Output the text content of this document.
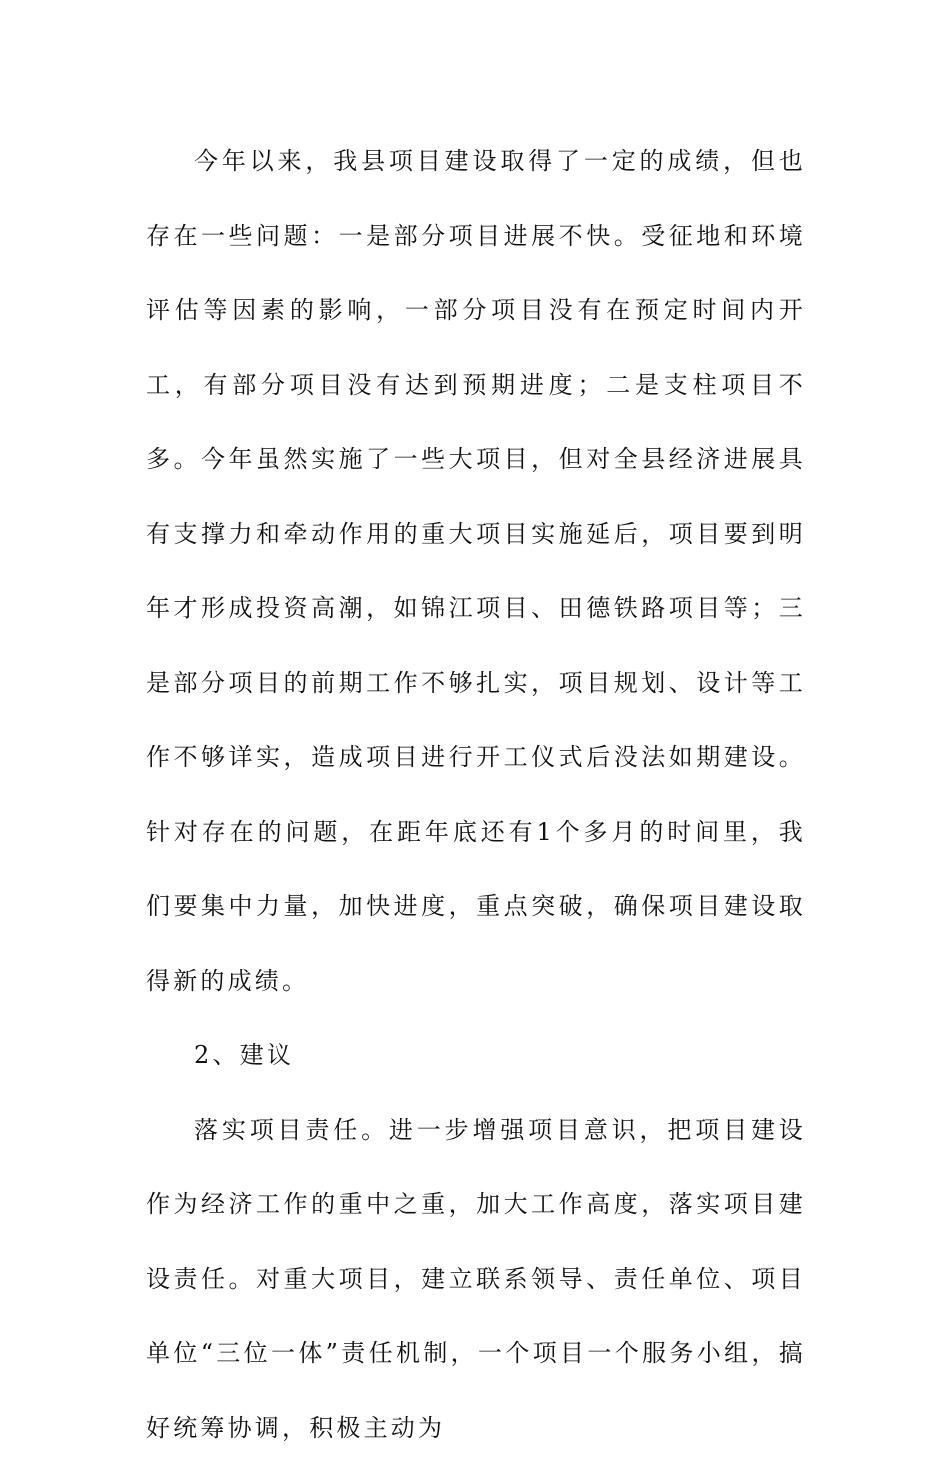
今年以来，我县项目建设取得了一定的成绩，但也存在一些问题：一是部分项目进展不快。受征地和环境评估等因素的影响，一部分项目没有在预定时间内开工，有部分项目没有达到预期进度；二是支柱项目不多。今年虽然实施了一些大项目，但对全县经济进展具有支撑力和牵动作用的重大项目实施延后，项目要到明年才形成投资高潮，如锦江项目、田德铁路项目等；三是部分项目的前期工作不够扎实，项目规划、设计等工作不够详实，造成项目进行开工仪式后没法如期建设。针对存在的问题，在距年底还有1个多月的时间里，我们要集中力量，加快进度，重点突破，确保项目建设取得新的成绩。

2、建议

落实项目责任。进一步增强项目意识，把项目建设作为经济工作的重中之重，加大工作高度，落实项目建设责任。对重大项目，建立联系领导、责任单位、项目单位“三位一体”责任机制，一个项目一个服务小组，搞好统筹协调，积极主动为
